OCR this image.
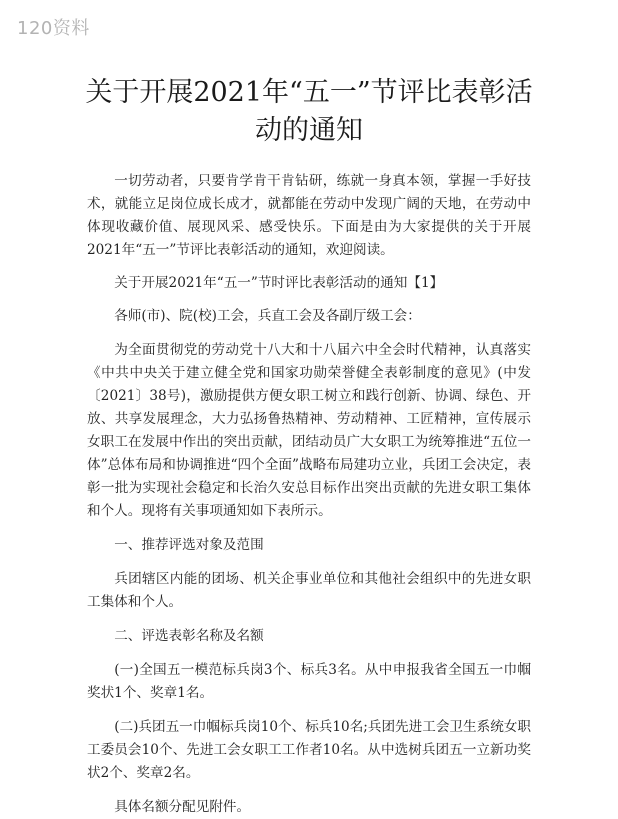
120资料
关于开展2021年“五一”节评比表彰活
动的通知

一切劳动者，只要肯学肯干肯钻研，练就一身真本领，掌握一手好技术，就能立足岗位成长成才，就都能在劳动中发现广阔的天地，在劳动中体现收藏价值、展现风采、感受快乐。下面是由为大家提供的关于开展2021年“五一”节评比表彰活动的通知，欢迎阅读。

关于开展2021年“五一”节时评比表彰活动的通知【1】

各师(市)、院(校)工会，兵直工会及各副厅级工会：

为全面贯彻党的劳动党十八大和十八届六中全会时代精神，认真落实《中共中央关于建立健全党和国家功勋荣誉健全表彰制度的意见》(中发〔2021〕38号)，激励提供方便女职工树立和践行创新、协调、绿色、开放、共享发展理念，大力弘扬鲁热精神、劳动精神、工匠精神，宣传展示女职工在发展中作出的突出贡献，团结动员广大女职工为统筹推进“五位一体”总体布局和协调推进“四个全面”战略布局建功立业，兵团工会决定，表彰一批为实现社会稳定和长治久安总目标作出突出贡献的先进女职工集体和个人。现将有关事项通知如下表所示。

一、推荐评选对象及范围

兵团辖区内能的团场、机关企事业单位和其他社会组织中的先进女职工集体和个人。

二、评选表彰名称及名额

(一)全国五一模范标兵岗3个、标兵3名。从中申报我省全国五一巾帼奖状1个、奖章1名。

(二)兵团五一巾帼标兵岗10个、标兵10名;兵团先进工会卫生系统女职工委员会10个、先进工会女职工工作者10名。从中选树兵团五一立新功奖状2个、奖章2名。

具体名额分配见附件。
